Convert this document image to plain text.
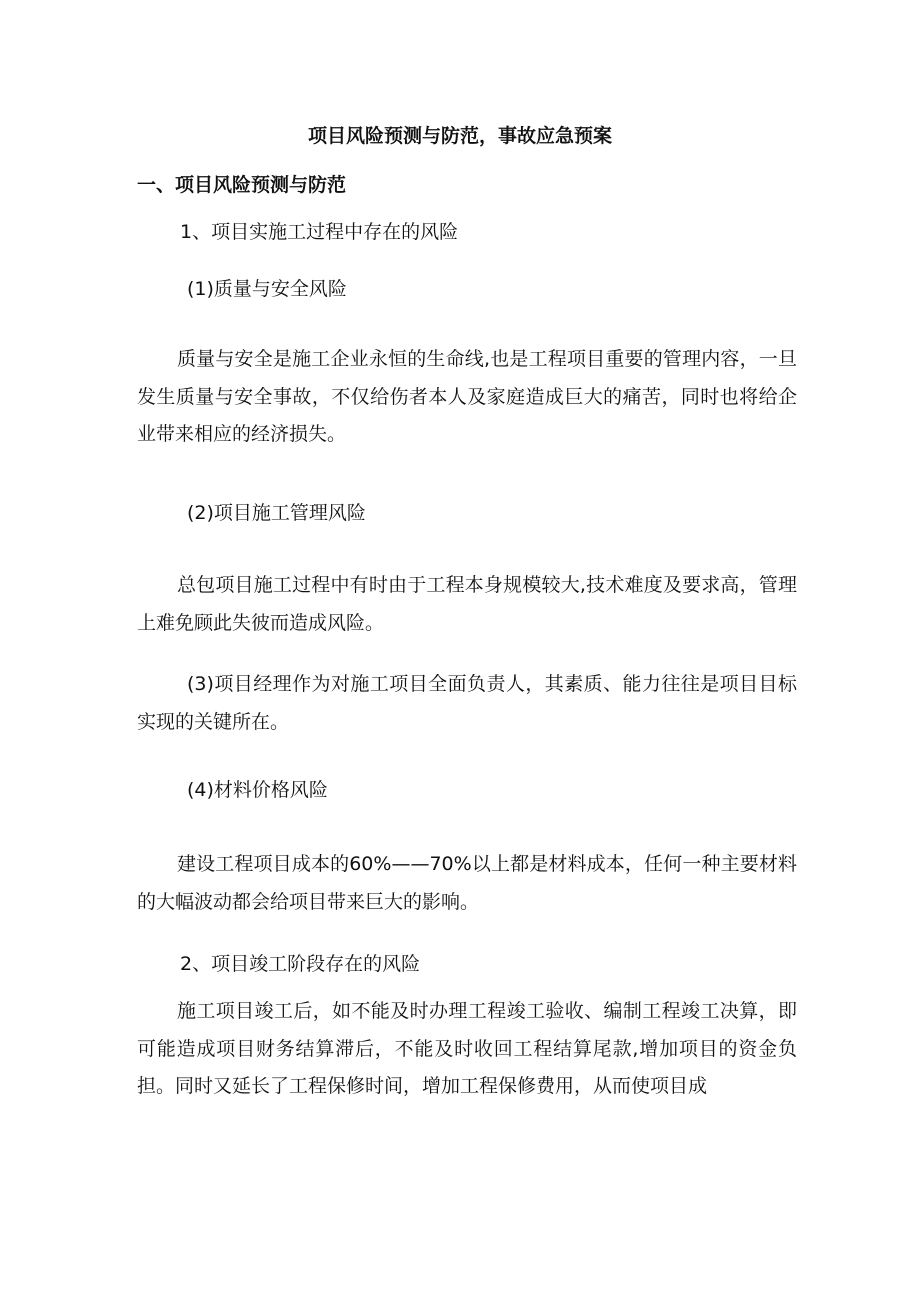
项目风险预测与防范，事故应急预案

一、项目风险预测与防范

1、项目实施工过程中存在的风险

(1)质量与安全风险

质量与安全是施工企业永恒的生命线,也是工程项目重要的管理内容，一旦发生质量与安全事故，不仅给伤者本人及家庭造成巨大的痛苦，同时也将给企业带来相应的经济损失。

(2)项目施工管理风险

总包项目施工过程中有时由于工程本身规模较大,技术难度及要求高，管理上难免顾此失彼而造成风险。

(3)项目经理作为对施工项目全面负责人，其素质、能力往往是项目目标实现的关键所在。

(4)材料价格风险

建设工程项目成本的60%——70%以上都是材料成本，任何一种主要材料的大幅波动都会给项目带来巨大的影响。

2、项目竣工阶段存在的风险

施工项目竣工后，如不能及时办理工程竣工验收、编制工程竣工决算，即可能造成项目财务结算滞后，不能及时收回工程结算尾款,增加项目的资金负担。同时又延长了工程保修时间，增加工程保修费用，从而使项目成
